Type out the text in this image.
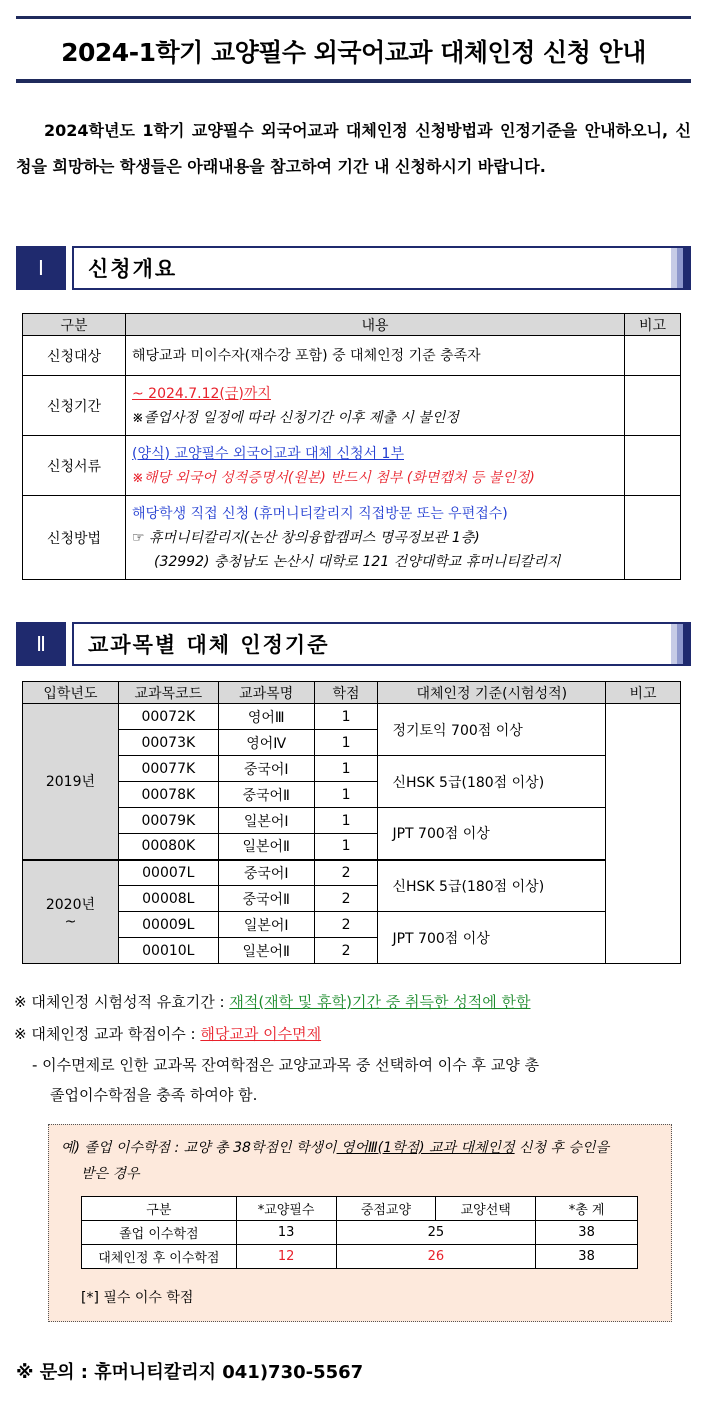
2024-1학기 교양필수 외국어교과 대체인정 신청 안내
2024학년도 1학기 교양필수 외국어교과 대체인정 신청방법과 인정기준을 안내하오니, 신청을 희망하는 학생들은 아래내용을 참고하여 기간 내 신청하시기 바랍니다.
Ⅰ	신청개요
구분	내용	비고
신청대상	해당교과 미이수자(재수강 포함) 중 대체인정 기준 충족자	
신청기간	~ 2024.7.12(금)까지
※졸업사정 일정에 따라 신청기간 이후 제출 시 불인정	

신청서류	(양식) 교양필수 외국어교과 대체 신청서 1부
※해당 외국어 성적증명서(원본) 반드시 첨부 (화면캡처 등 불인정)	

신청방법	해당학생 직접 신청 (휴머니티칼리지 직접방문 또는 우편접수)
☞ 휴머니티칼리지(논산 창의융합캠퍼스 명곡정보관 1층)
(32992) 충청남도 논산시 대학로 121 건양대학교 휴머니티칼리지	

Ⅱ	교과목별 대체 인정기준
입학년도	교과목코드	교과목명	학점	대체인정 기준(시험성적)	비고
2019년	00072K	영어Ⅲ	1	정기토익 700점 이상	
	00073K	영어Ⅳ	1		
	00077K	중국어Ⅰ	1	신HSK 5급(180점 이상)	
	00078K	중국어Ⅱ	1		
	00079K	일본어Ⅰ	1	JPT 700점 이상	
	00080K	일본어Ⅱ	1		

2020년
~	00007L	중국어Ⅰ	2	신HSK 5급(180점 이상)	
	00008L	중국어Ⅱ	2		
	00009L	일본어Ⅰ	2	JPT 700점 이상	
	00010L	일본어Ⅱ	2		
※ 대체인정 시험성적 유효기간 : 재적(재학 및 휴학)기간 중 취득한 성적에 한함
※ 대체인정 교과 학점이수 : 해당교과 이수면제
- 이수면제로 인한 교과목 잔여학점은 교양교과목 중 선택하여 이수 후 교양 총
졸업이수학점을 충족 하여야 함.
예) 졸업 이수학점 : 교양 총 38학점인 학생이 영어Ⅲ(1학점) 교과 대체인정 신청 후 승인을
받은 경우
구분	*교양필수	중점교양	교양선택	*총 계
졸업 이수학점	13	25		38
대체인정 후 이수학점	12	26		38
[*] 필수 이수 학점
※ 문의 : 휴머니티칼리지 041)730-5567
